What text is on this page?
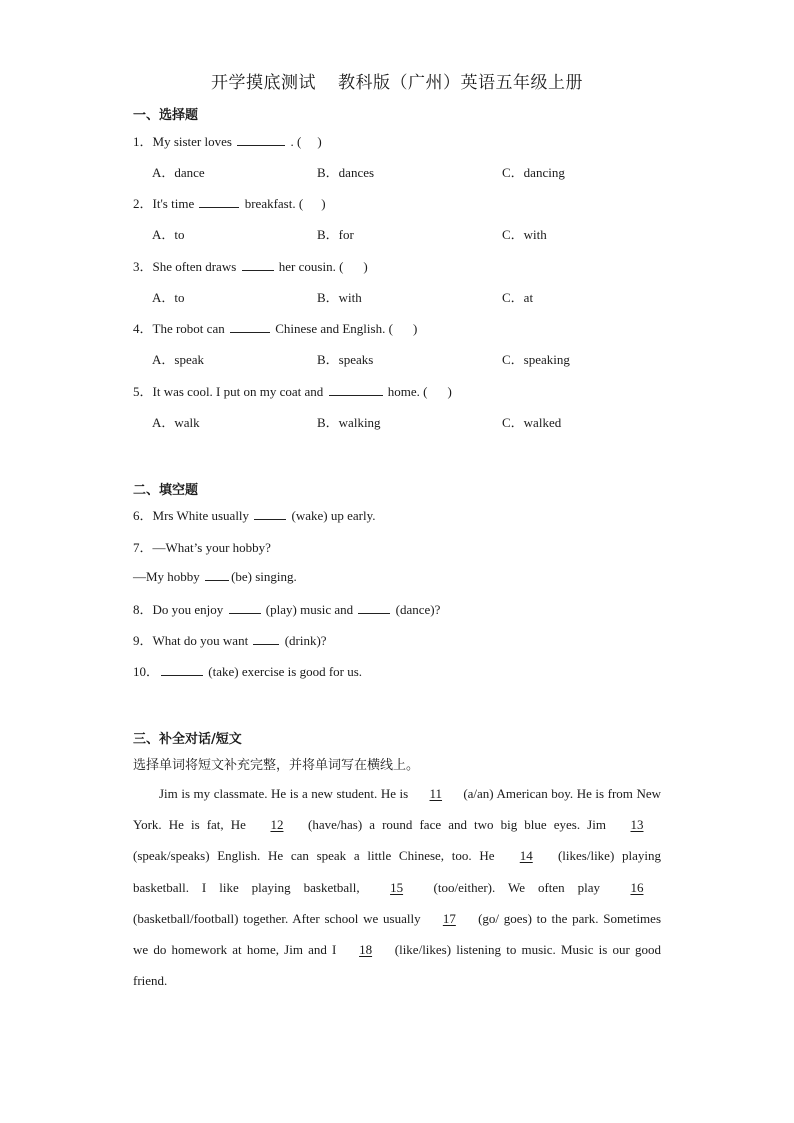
开学摸底测试 教科版（广州）英语五年级上册
一、选择题
1．My sister loves	. ( )
A．dance	B．dances	C．dancing
2．It's time	breakfast. ( )
A．to	B．for	C．with
3．She often draws	her cousin. ( )
A．to	B．with	C．at
4．The robot can	Chinese and English. ( )
A．speak	B．speaks	C．speaking
5．It was cool. I put on my coat and	home. ( )
A．walk	B．walking	C．walked
二、填空题
6．Mrs White usually	(wake) up early.
7．—What’s your hobby?
—My hobby (be) singing.
8．Do you enjoy	(play) music and	(dance)?
9．What do you want	(drink)?
10．	(take) exercise is good for us.
三、补全对话/短文
选择单词将短文补充完整，并将单词写在横线上。
Jim is my classmate. He is a new student. He is 11 (a/an) American boy. He is from New York. He is fat, He 12 (have/has) a round face and two big blue eyes. Jim 13 (speak/speaks) English. He can speak a little Chinese, too. He 14 (likes/like) playing basketball. I like playing basketball, 15 (too/either). We often play 16 (basketball/football) together. After school we usually 17 (go/ goes) to the park. Sometimes we do homework at home, Jim and I 18 (like/likes) listening to music. Music is our good friend.
